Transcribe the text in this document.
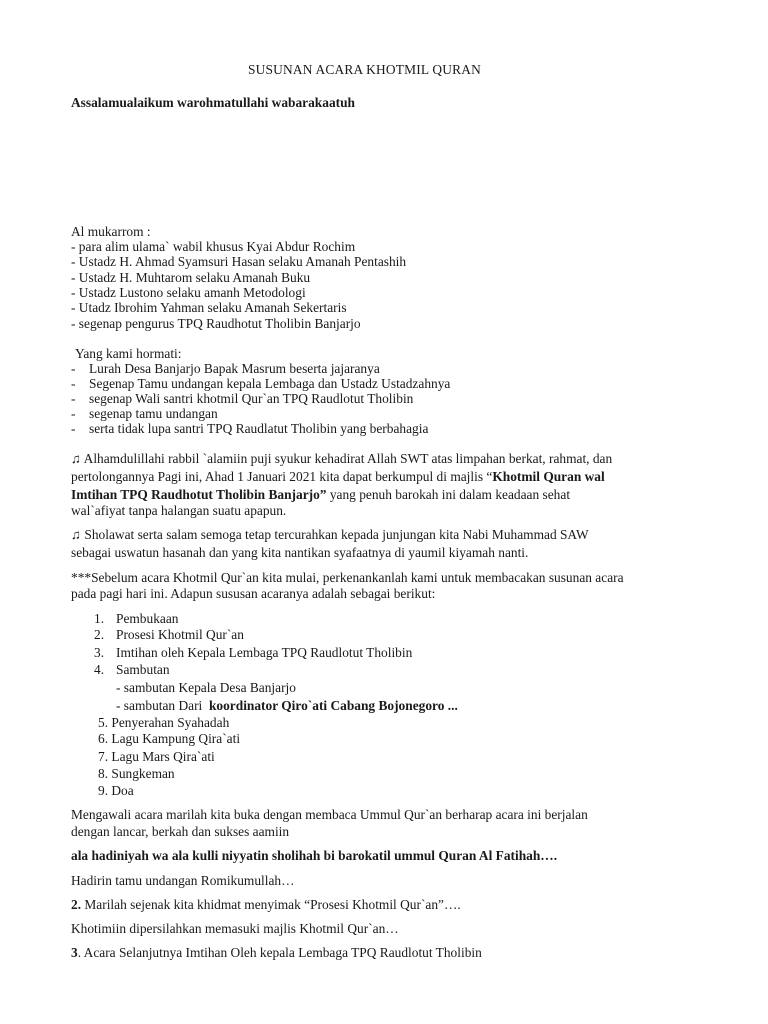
SUSUNAN ACARA KHOTMIL QURAN
Assalamualaikum warohmatullahi wabarakaatuh
Al mukarrom :
- para alim ulama` wabil khusus Kyai Abdur Rochim
- Ustadz H. Ahmad Syamsuri Hasan selaku Amanah Pentashih
- Ustadz H. Muhtarom selaku Amanah Buku
- Ustadz Lustono selaku amanh Metodologi
- Utadz Ibrohim Yahman selaku Amanah Sekertaris
- segenap pengurus TPQ Raudhotut Tholibin Banjarjo
Yang kami hormati:
- Lurah Desa Banjarjo Bapak Masrum beserta jajaranya
- Segenap Tamu undangan kepala Lembaga dan Ustadz Ustadzahnya
- segenap Wali santri khotmil Qur`an TPQ Raudlotut Tholibin
- segenap tamu undangan
- serta tidak lupa santri TPQ Raudlatut Tholibin yang berbahagia
♫ Alhamdulillahi rabbil `alamiin puji syukur kehadirat Allah SWT atas limpahan berkat, rahmat, dan
pertolongannya Pagi ini, Ahad 1 Januari 2021 kita dapat berkumpul di majlis “Khotmil Quran wal
Imtihan TPQ Raudhotut Tholibin Banjarjo” yang penuh barokah ini dalam keadaan sehat
wal`afiyat tanpa halangan suatu apapun.
♫ Sholawat serta salam semoga tetap tercurahkan kepada junjungan kita Nabi Muhammad SAW
sebagai uswatun hasanah dan yang kita nantikan syafaatnya di yaumil kiyamah nanti.
***Sebelum acara Khotmil Qur`an kita mulai, perkenankanlah kami untuk membacakan susunan acara
pada pagi hari ini. Adapun sususan acaranya adalah sebagai berikut:
1. Pembukaan
2. Prosesi Khotmil Qur`an
3. Imtihan oleh Kepala Lembaga TPQ Raudlotut Tholibin
4. Sambutan
- sambutan Kepala Desa Banjarjo
- sambutan Dari  koordinator Qiro`ati Cabang Bojonegoro ...
5. Penyerahan Syahadah
6. Lagu Kampung Qira`ati
7. Lagu Mars Qira`ati
8. Sungkeman
9. Doa
Mengawali acara marilah kita buka dengan membaca Ummul Qur`an berharap acara ini berjalan
dengan lancar, berkah dan sukses aamiin
ala hadiniyah wa ala kulli niyyatin sholihah bi barokatil ummul Quran Al Fatihah….
Hadirin tamu undangan Romikumullah…
2. Marilah sejenak kita khidmat menyimak “Prosesi Khotmil Qur`an”….
Khotimiin dipersilahkan memasuki majlis Khotmil Qur`an…
3. Acara Selanjutnya Imtihan Oleh kepala Lembaga TPQ Raudlotut Tholibin
